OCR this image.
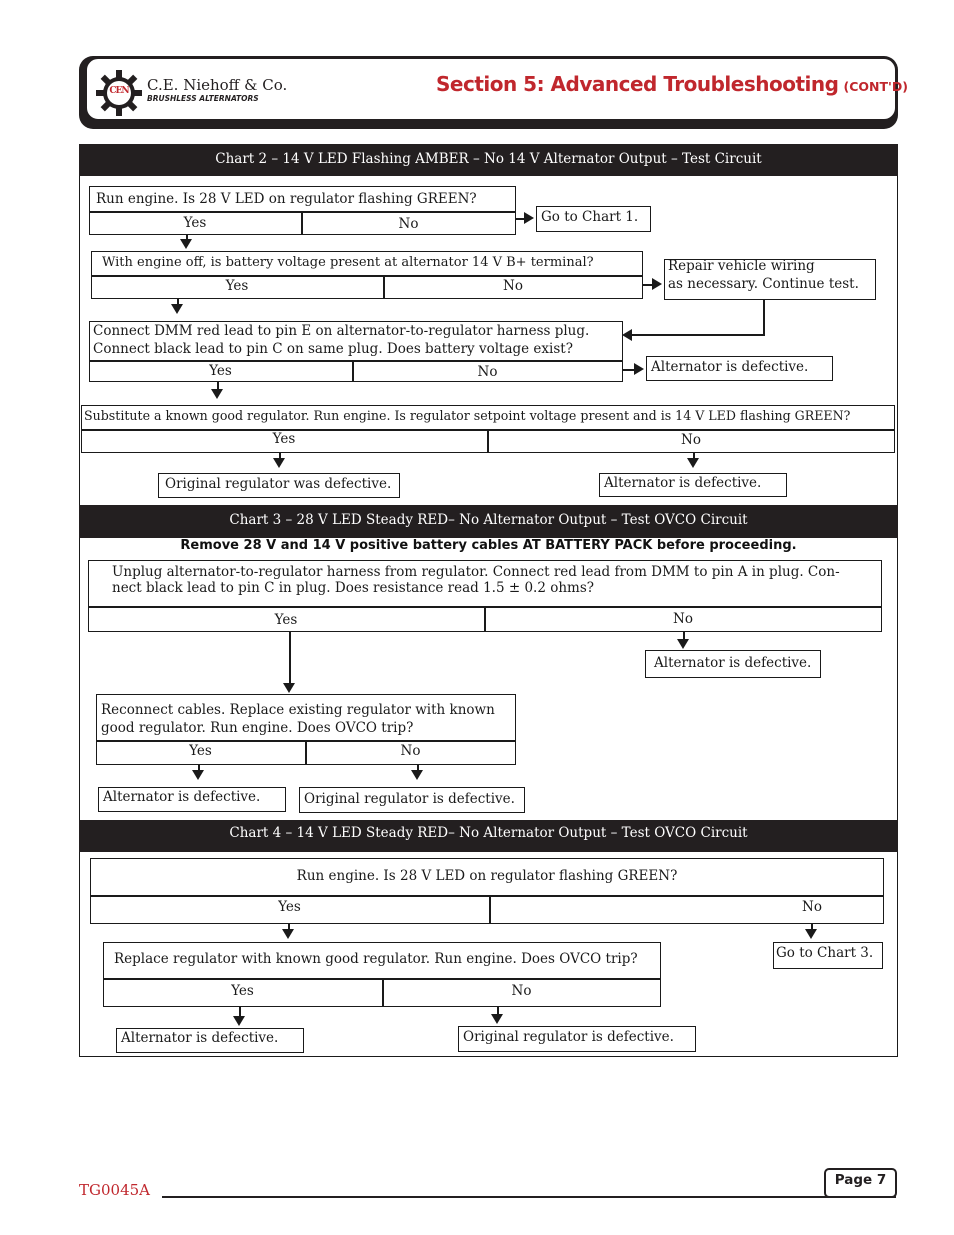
CEN C.E. Niehoff & Co.
BRUSHLESS ALTERNATORS
Section 5: Advanced Troubleshooting (CONT'D)
Chart 2 – 14 V LED Flashing AMBER – No 14 V Alternator Output – Test Circuit
Run engine. Is 28 V LED on regulator flashing GREEN?
Yes	No	Go to Chart 1.
With engine off, is battery voltage present at alternator 14 V B+ terminal?
Yes	No
Repair vehicle wiring
as necessary. Continue test.
Connect DMM red lead to pin E on alternator-to-regulator harness plug.
Connect black lead to pin C on same plug. Does battery voltage exist?
Yes	No	Alternator is defective.
Substitute a known good regulator. Run engine. Is regulator setpoint voltage present and is 14 V LED flashing GREEN?
Yes	No
Original regulator was defective.	Alternator is defective.
Chart 3 – 28 V LED Steady RED– No Alternator Output – Test OVCO Circuit
Remove 28 V and 14 V positive battery cables AT BATTERY PACK before proceeding.
Unplug alternator-to-regulator harness from regulator. Connect red lead from DMM to pin A in plug. Con-
nect black lead to pin C in plug. Does resistance read 1.5 ± 0.2 ohms?
Yes	No
Alternator is defective.
Reconnect cables. Replace existing regulator with known
good regulator. Run engine. Does OVCO trip?
Yes	No
Alternator is defective.	Original regulator is defective.
Chart 4 – 14 V LED Steady RED– No Alternator Output – Test OVCO Circuit
Run engine. Is 28 V LED on regulator flashing GREEN?
Yes	No
Go to Chart 3.
Replace regulator with known good regulator. Run engine. Does OVCO trip?
Yes	No
Alternator is defective.	Original regulator is defective.
TG0045A
Page 7
